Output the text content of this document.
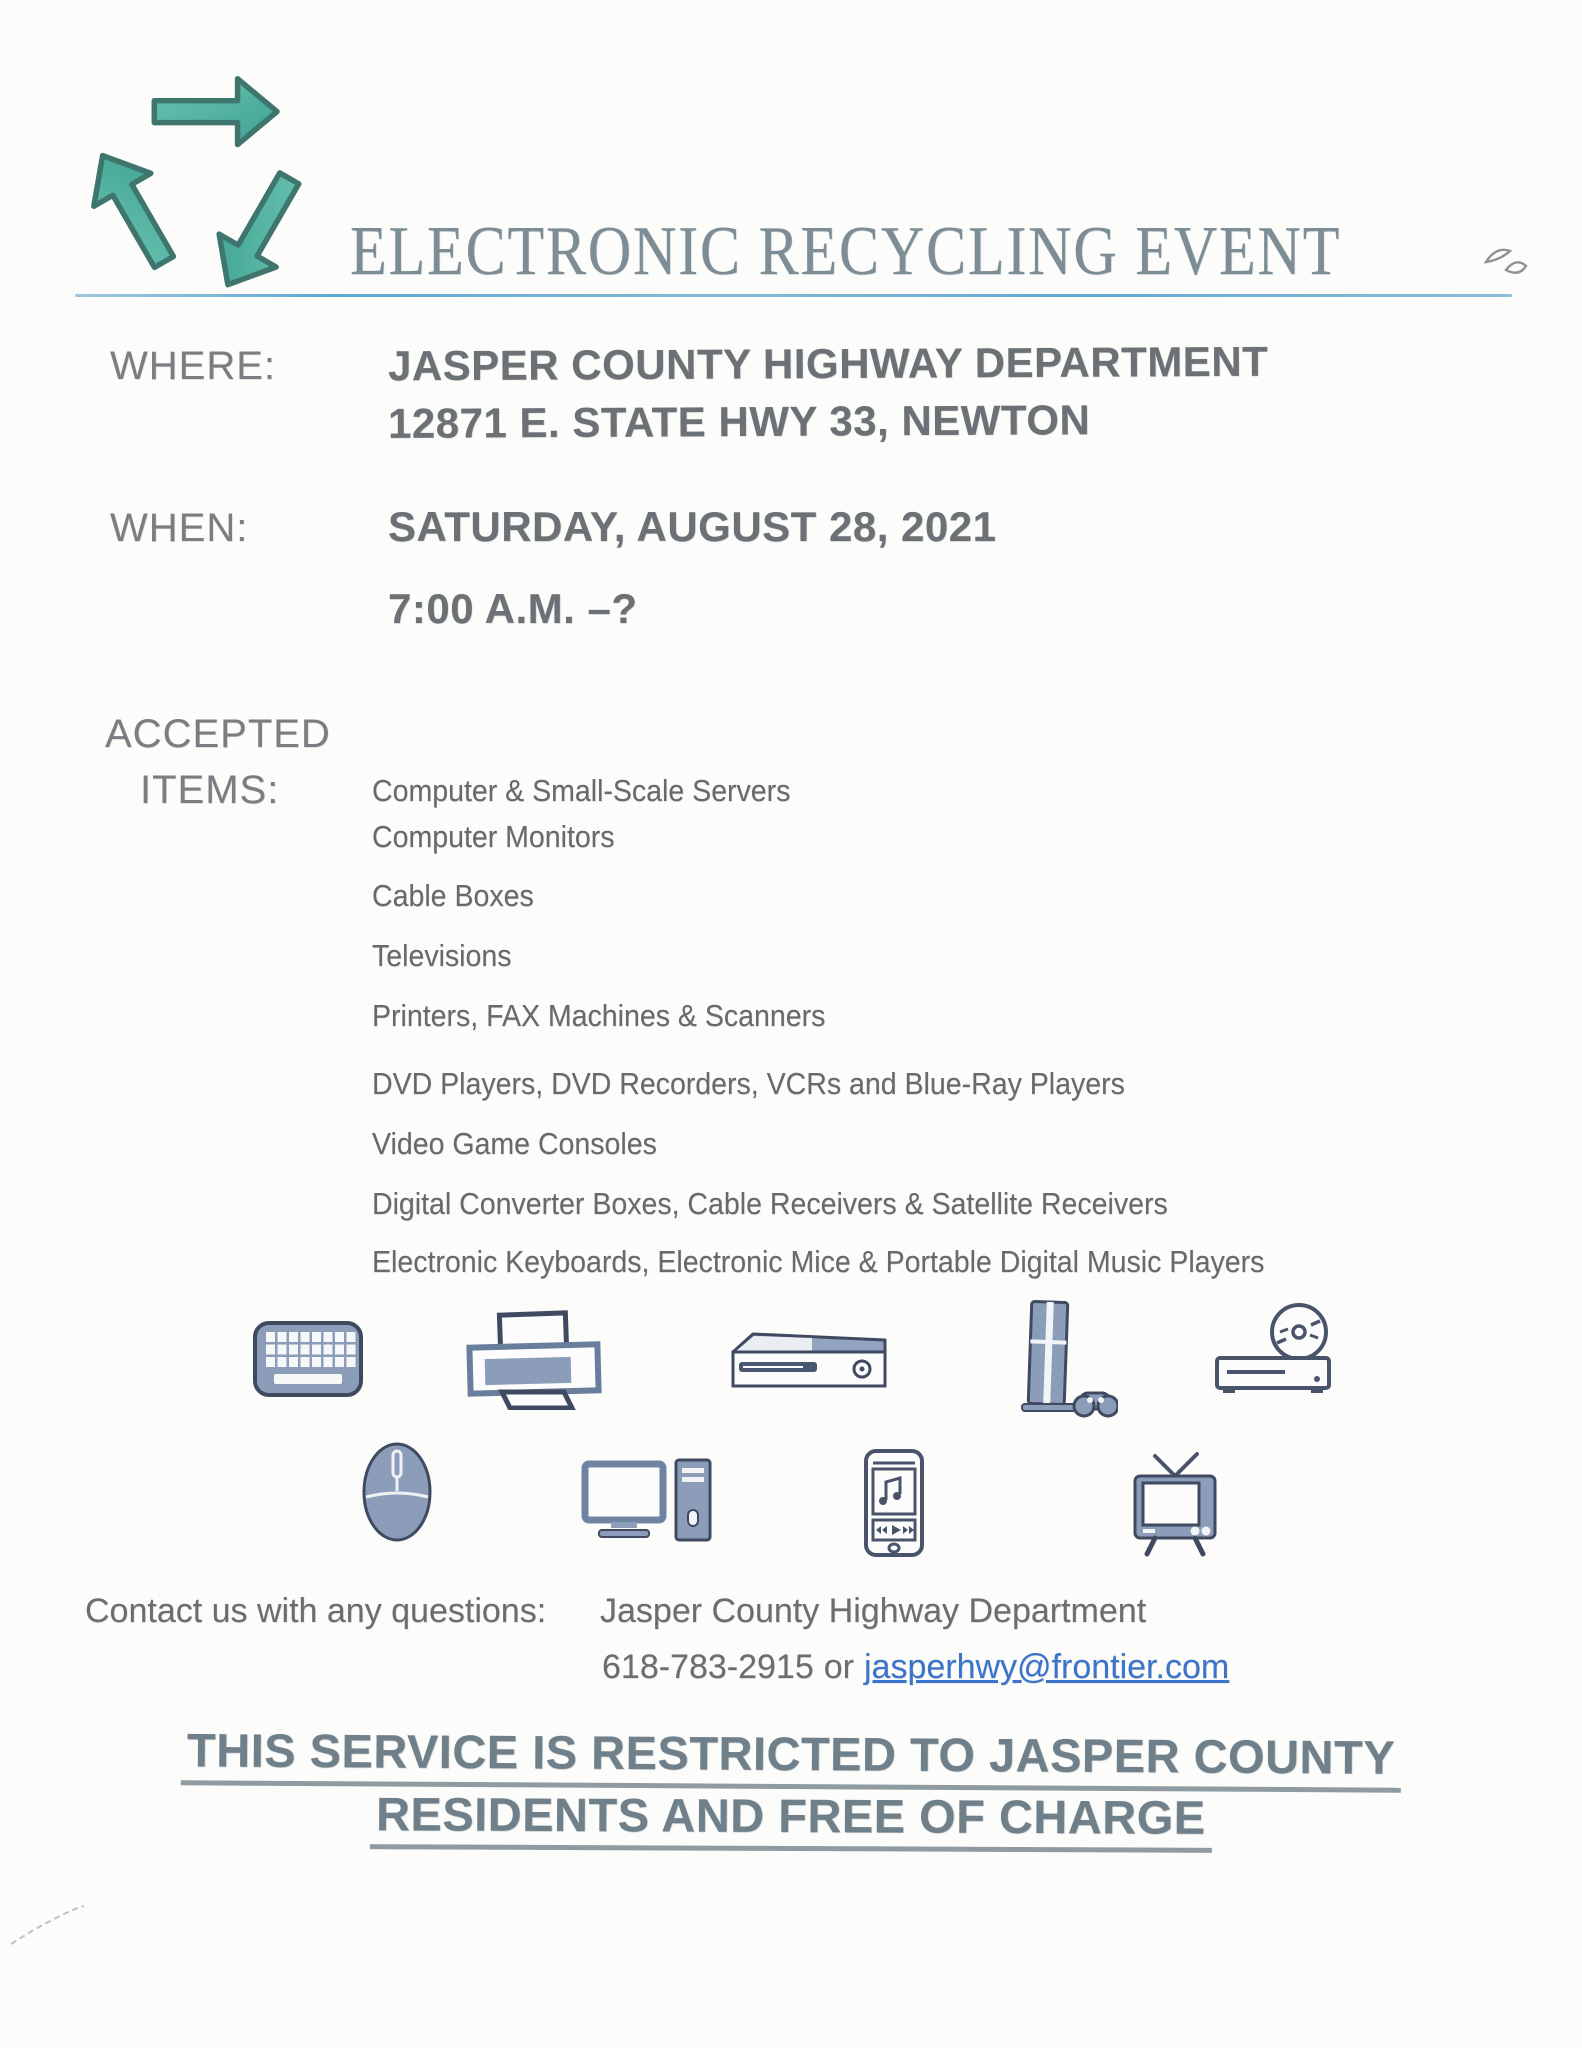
ELECTRONIC RECYCLING EVENT
WHERE:	JASPER COUNTY HIGHWAY DEPARTMENT
12871 E. STATE HWY 33, NEWTON
WHEN:	SATURDAY, AUGUST 28, 2021
7:00 A.M. –?
ACCEPTED
ITEMS:	Computer & Small-Scale Servers
Computer Monitors
Cable Boxes
Televisions
Printers, FAX Machines & Scanners
DVD Players, DVD Recorders, VCRs and Blue-Ray Players
Video Game Consoles
Digital Converter Boxes, Cable Receivers & Satellite Receivers
Electronic Keyboards, Electronic Mice & Portable Digital Music Players
Contact us with any questions: Jasper County Highway Department
618-783-2915 or jasperhwy@frontier.com
THIS SERVICE IS RESTRICTED TO JASPER COUNTY
RESIDENTS AND FREE OF CHARGE
